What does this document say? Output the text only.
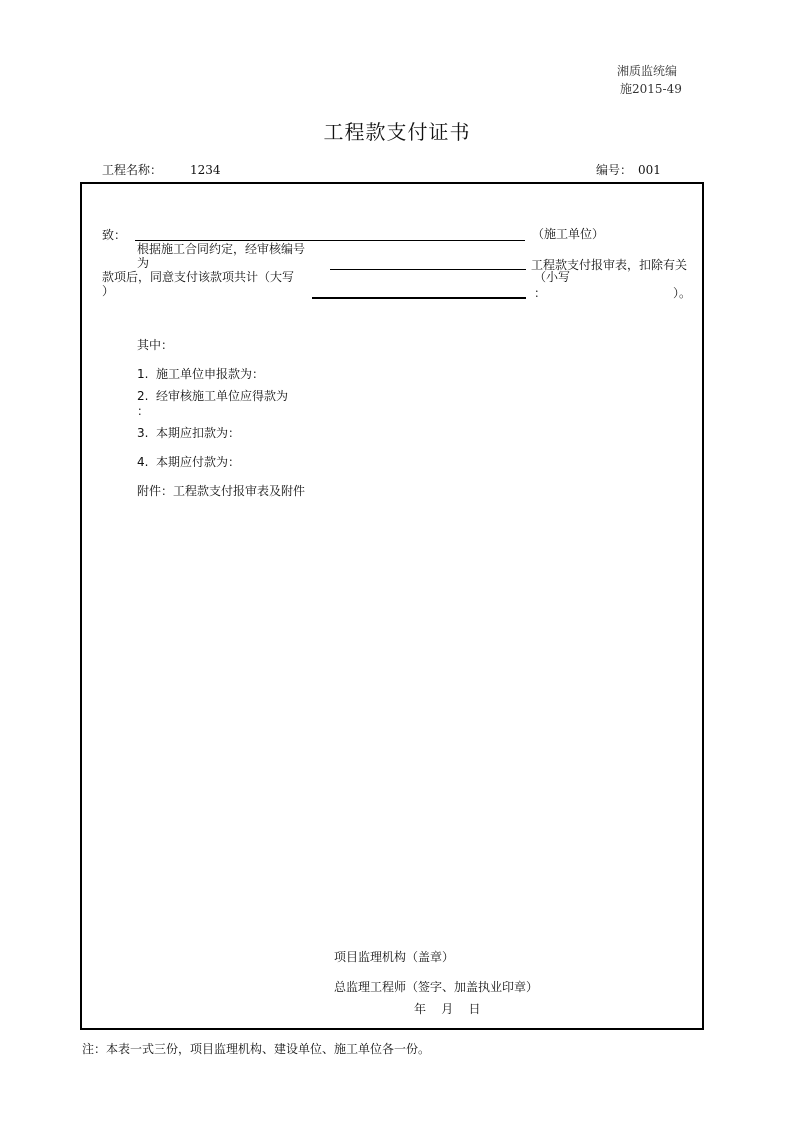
湘质监统编
施2015-49
工程款支付证书
工程名称： 1234	编号： 001
致：	（施工单位）
根据施工合同约定，经审核编号
为	工程款支付报审表，扣除有关
款项后，同意支付该款项共计（大写
）
（小写
：	）。
其中：
1. 施工单位申报款为：
2. 经审核施工单位应得款为
：
3. 本期应扣款为：
4. 本期应付款为：
附件：工程款支付报审表及附件
项目监理机构（盖章）
总监理工程师（签字、加盖执业印章）
年    月    日
注：本表一式三份，项目监理机构、建设单位、施工单位各一份。
